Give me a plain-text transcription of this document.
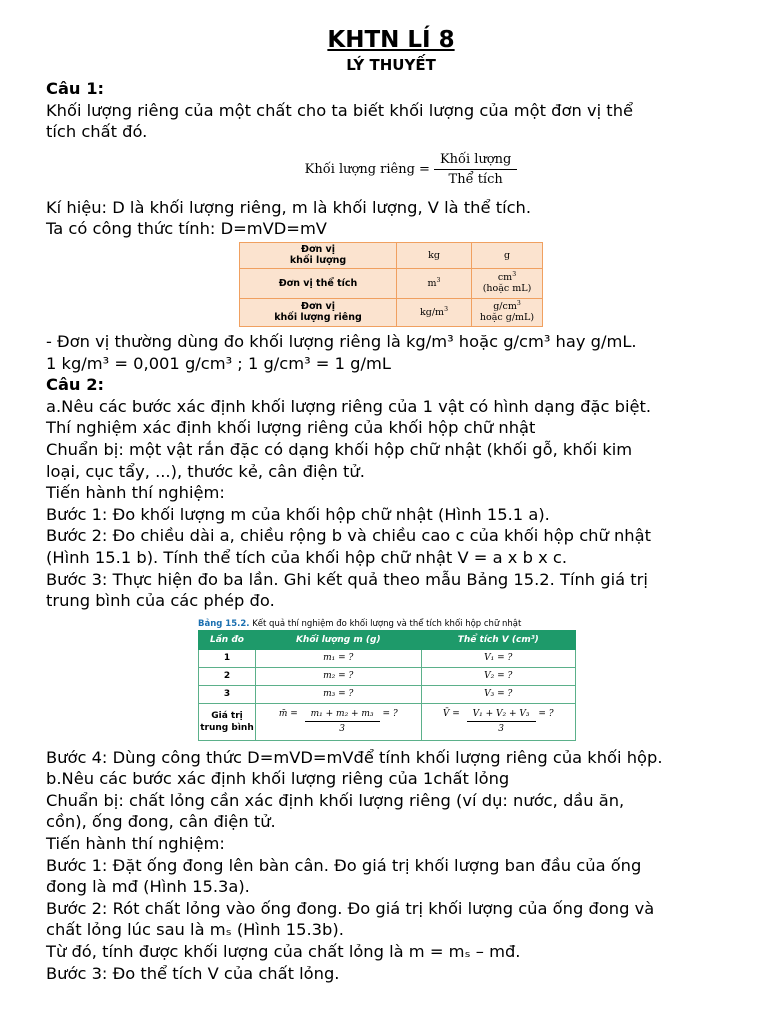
KHTN LÍ 8

LÝ THUYẾT

Câu 1:

Khối lượng riêng của một chất cho ta biết khối lượng của một đơn vị thể

tích chất đó.

Khối lượng riêng = $\frac{\text{Khối lượng}}{\text{Thể tích}}$

Kí hiệu: D là khối lượng riêng, m là khối lượng, V là thể tích.

Ta có công thức tính: D=mVD=mV

Đơn vị
khối lượng	kg	g
Đơn vị thể tích	$m^3$	$cm^3$
(hoặc mL)
Đơn vị
khối lượng riêng	$kg/m^3$	$g/cm^3$
hoặc g/mL)

- Đơn vị thường dùng đo khối lượng riêng là kg/m³ hoặc g/cm³ hay g/mL.

1 kg/m³ = 0,001 g/cm³ ; 1 g/cm³ = 1 g/mL

Câu 2:

a.Nêu các bước xác định khối lượng riêng của 1 vật có hình dạng đặc biệt.

Thí nghiệm xác định khối lượng riêng của khối hộp chữ nhật

Chuẩn bị: một vật rắn đặc có dạng khối hộp chữ nhật (khối gỗ, khối kim

loại, cục tẩy, ...), thước kẻ, cân điện tử.

Tiến hành thí nghiệm:

Bước 1: Đo khối lượng m của khối hộp chữ nhật (Hình 15.1 a).

Bước 2: Đo chiều dài a, chiều rộng b và chiều cao c của khối hộp chữ nhật

(Hình 15.1 b). Tính thể tích của khối hộp chữ nhật V = a x b x c.

Bước 3: Thực hiện đo ba lần. Ghi kết quả theo mẫu Bảng 15.2. Tính giá trị

trung bình của các phép đo.

Bảng 15.2. Kết quả thí nghiệm đo khối lượng và thể tích khối hộp chữ nhật
Lần đo	Khối lượng m (g)	Thể tích V (cm³)
1	m₁ = ?	V₁ = ?
2	m₂ = ?	V₂ = ?
3	m₃ = ?	V₃ = ?
Giá trị
trung bình	m̄ = $\frac{\text{m₁ + m₂ + m₃}}{3}$ = ?	V̄ = $\frac{\text{V₁ + V₂ + V₃}}{3}$ = ?

Bước 4: Dùng công thức D=mVD=mVđể tính khối lượng riêng của khối hộp.

b.Nêu các bước xác định khối lượng riêng của 1chất lỏng

Chuẩn bị: chất lỏng cần xác định khối lượng riêng (ví dụ: nước, dầu ăn,

cồn), ống đong, cân điện tử.

Tiến hành thí nghiệm:

Bước 1: Đặt ống đong lên bàn cân. Đo giá trị khối lượng ban đầu của ống

đong là mđ (Hình 15.3a).

Bước 2: Rót chất lỏng vào ống đong. Đo giá trị khối lượng của ống đong và

chất lỏng lúc sau là mₛ (Hình 15.3b).

Từ đó, tính được khối lượng của chất lỏng là m = mₛ – mđ.

Bước 3: Đo thể tích V của chất lỏng.
